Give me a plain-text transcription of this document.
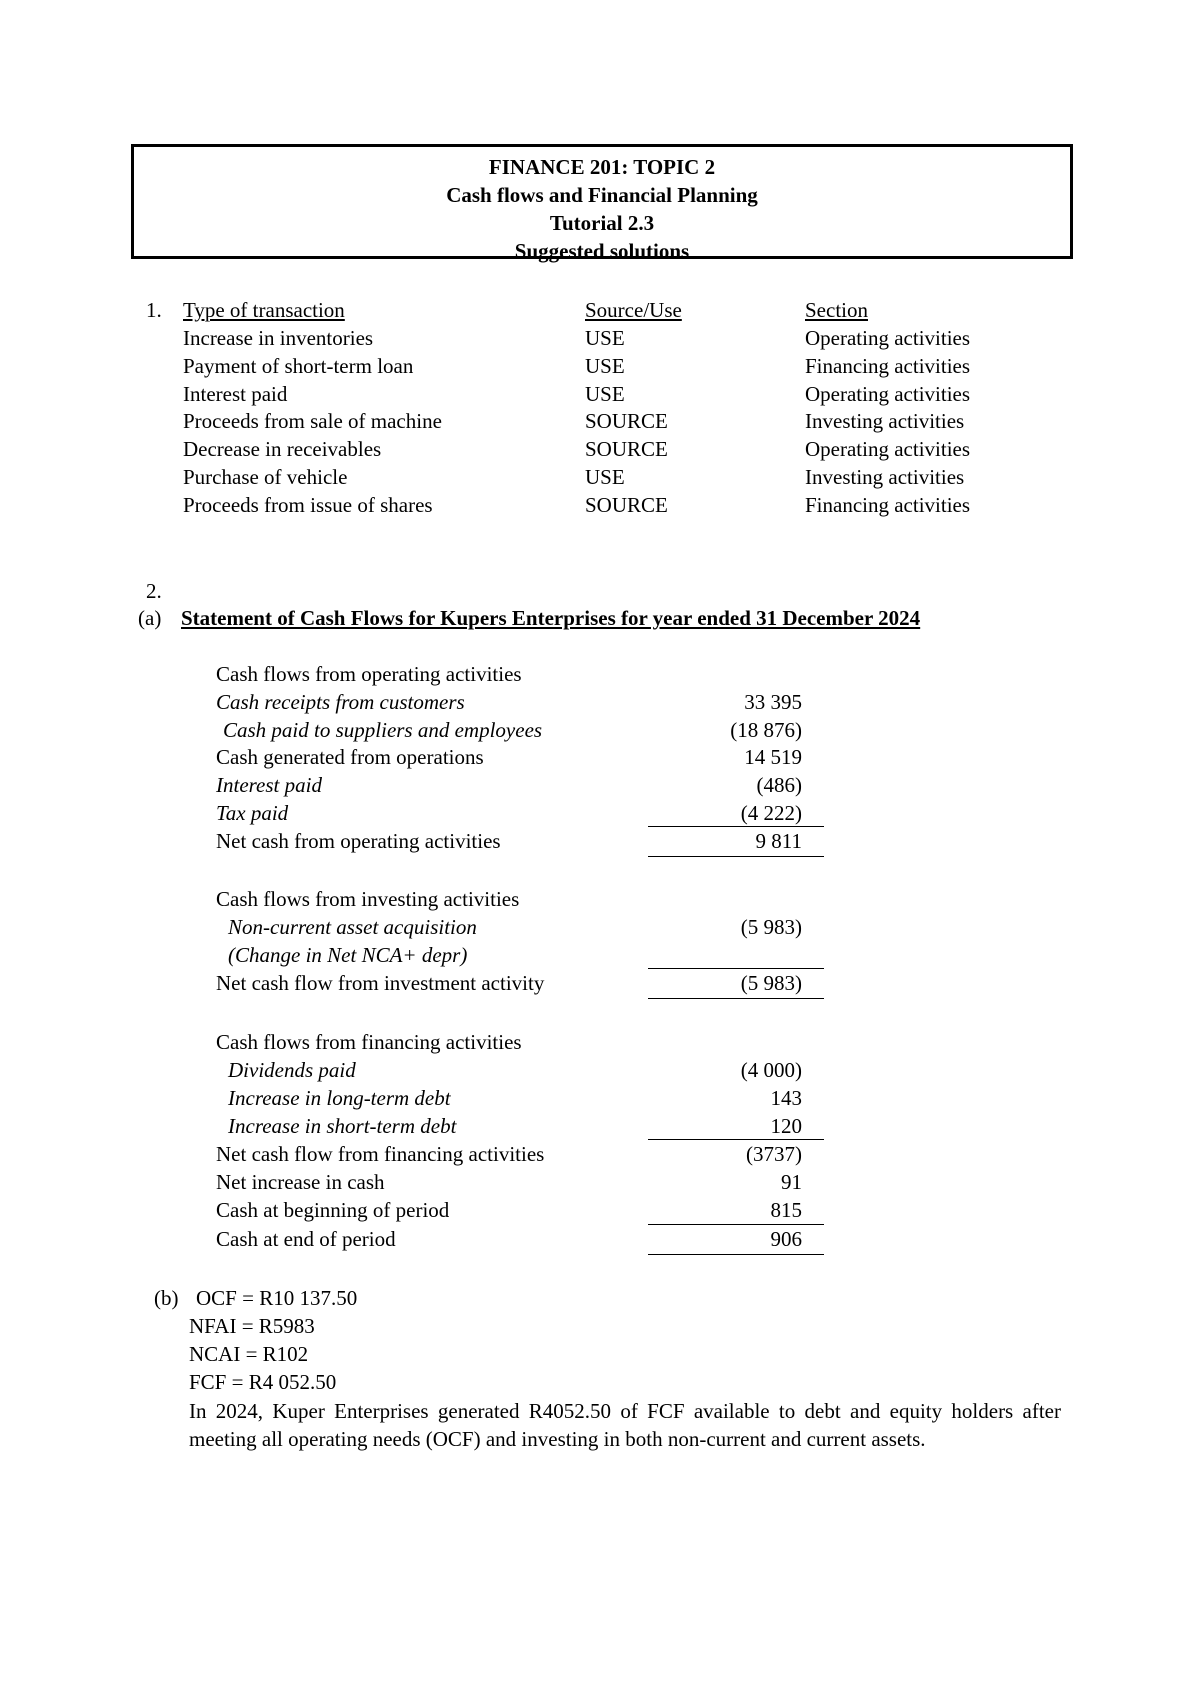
FINANCE 201: TOPIC 2
Cash flows and Financial Planning
Tutorial 2.3
Suggested solutions
1. Type of transaction	Source/Use	Section
Increase in inventories	USE	Operating activities
Payment of short-term loan	USE	Financing activities
Interest paid	USE	Operating activities
Proceeds from sale of machine	SOURCE	Investing activities
Decrease in receivables	SOURCE	Operating activities
Purchase of vehicle	USE	Investing activities
Proceeds from issue of shares	SOURCE	Financing activities
2.
(a) Statement of Cash Flows for Kupers Enterprises for year ended 31 December 2024
Cash flows from operating activities
Cash receipts from customers	33 395
Cash paid to suppliers and employees	(18 876)
Cash generated from operations	14 519
Interest paid	(486)
Tax paid	(4 222)
Net cash from operating activities	9 811
Cash flows from investing activities
Non-current asset acquisition	(5 983)
(Change in Net NCA+ depr)
Net cash flow from investment activity	(5 983)
Cash flows from financing activities
Dividends paid	(4 000)
Increase in long-term debt	143
Increase in short-term debt	120
Net cash flow from financing activities	(3737)
Net increase in cash	91
Cash at beginning of period	815
Cash at end of period	906
(b) OCF = R10 137.50
NFAI = R5983
NCAI = R102
FCF = R4 052.50
In 2024, Kuper Enterprises generated R4052.50 of FCF available to debt and equity holders after meeting all operating needs (OCF) and investing in both non-current and current assets.
